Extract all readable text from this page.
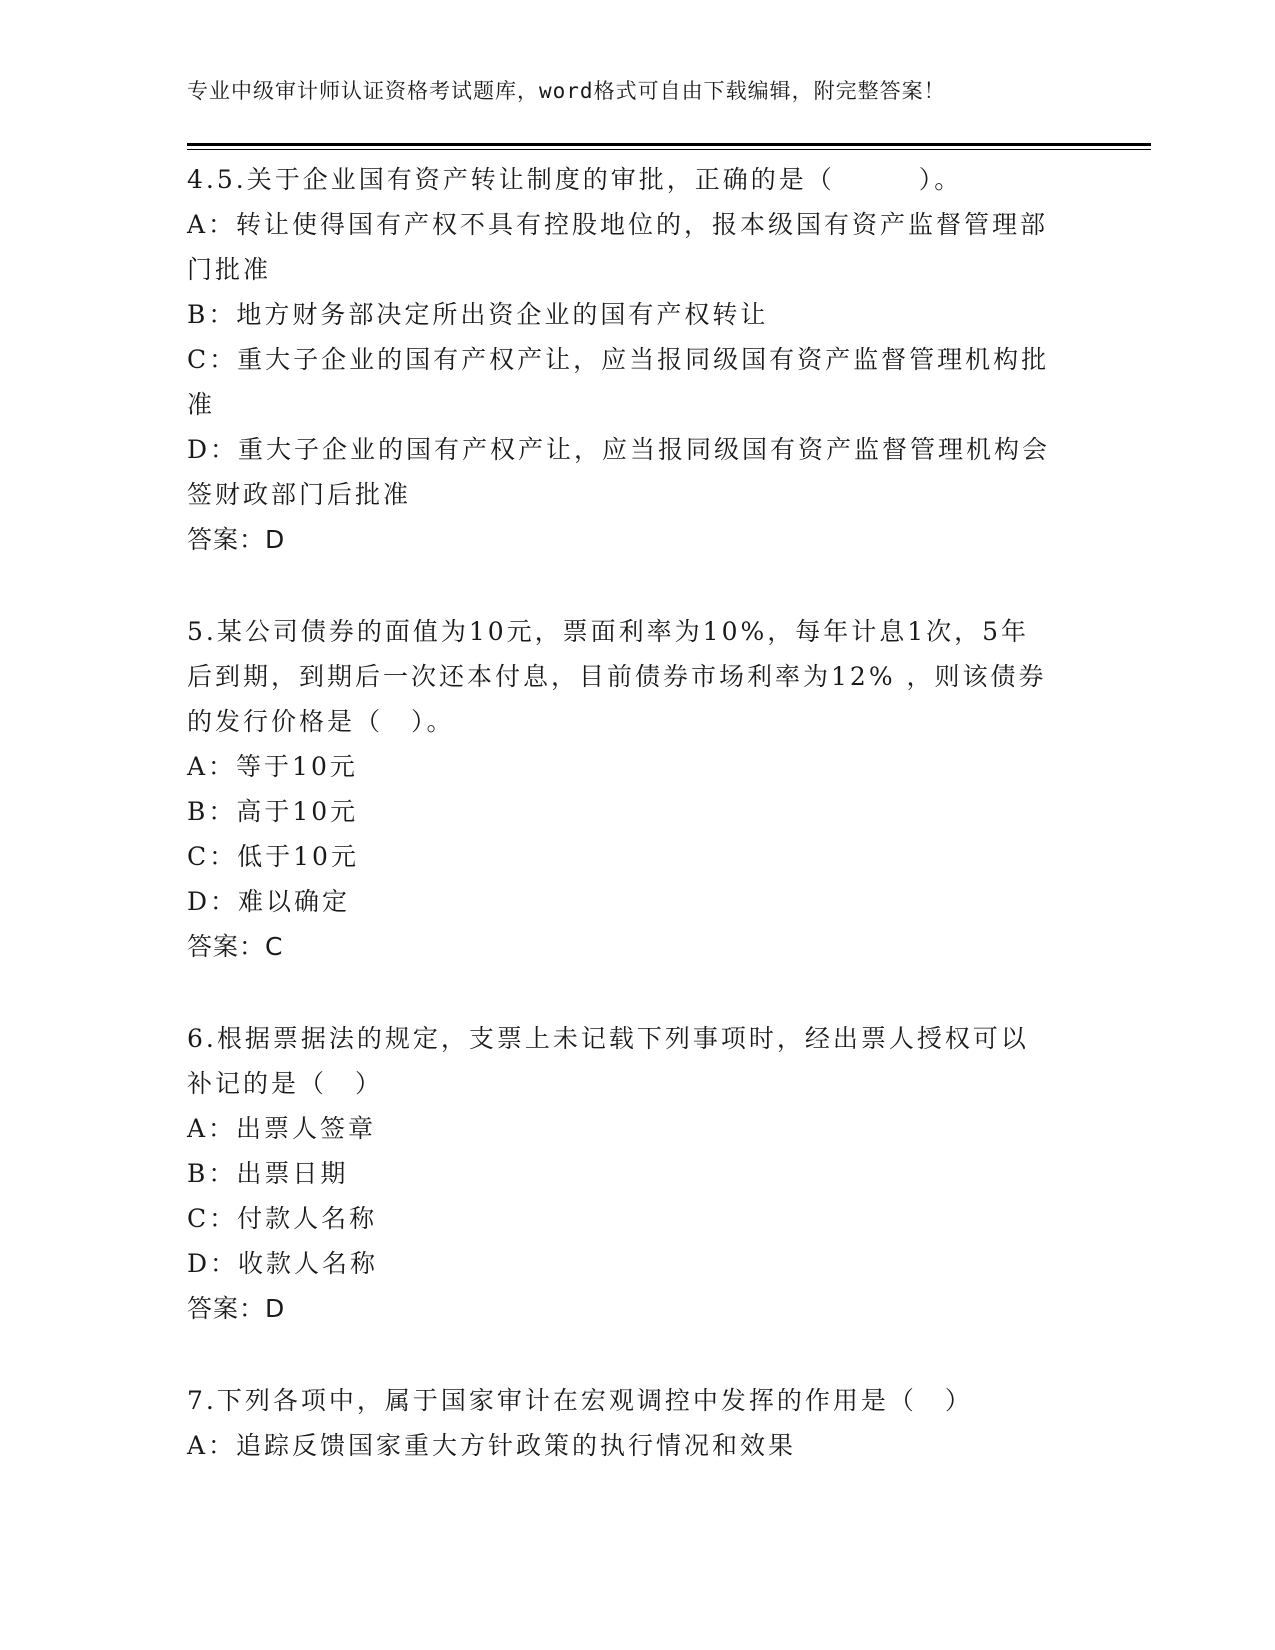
专业中级审计师认证资格考试题库，word格式可自由下载编辑，附完整答案！
4.5.关于企业国有资产转让制度的审批，正确的是（　　　）。
A：转让使得国有产权不具有控股地位的，报本级国有资产监督管理部
门批准
B：地方财务部决定所出资企业的国有产权转让
C：重大子企业的国有产权产让，应当报同级国有资产监督管理机构批
准
D：重大子企业的国有产权产让，应当报同级国有资产监督管理机构会
签财政部门后批准
答案：D
5.某公司债券的面值为10元，票面利率为10%，每年计息1次，5年
后到期，到期后一次还本付息，目前债券市场利率为12% ，则该债券
的发行价格是（　）。
A：等于10元
B：高于10元
C：低于10元
D：难以确定
答案：C
6.根据票据法的规定，支票上未记载下列事项时，经出票人授权可以
补记的是（　）
A：出票人签章
B：出票日期
C：付款人名称
D：收款人名称
答案：D
7.下列各项中，属于国家审计在宏观调控中发挥的作用是（　）
A：追踪反馈国家重大方针政策的执行情况和效果
